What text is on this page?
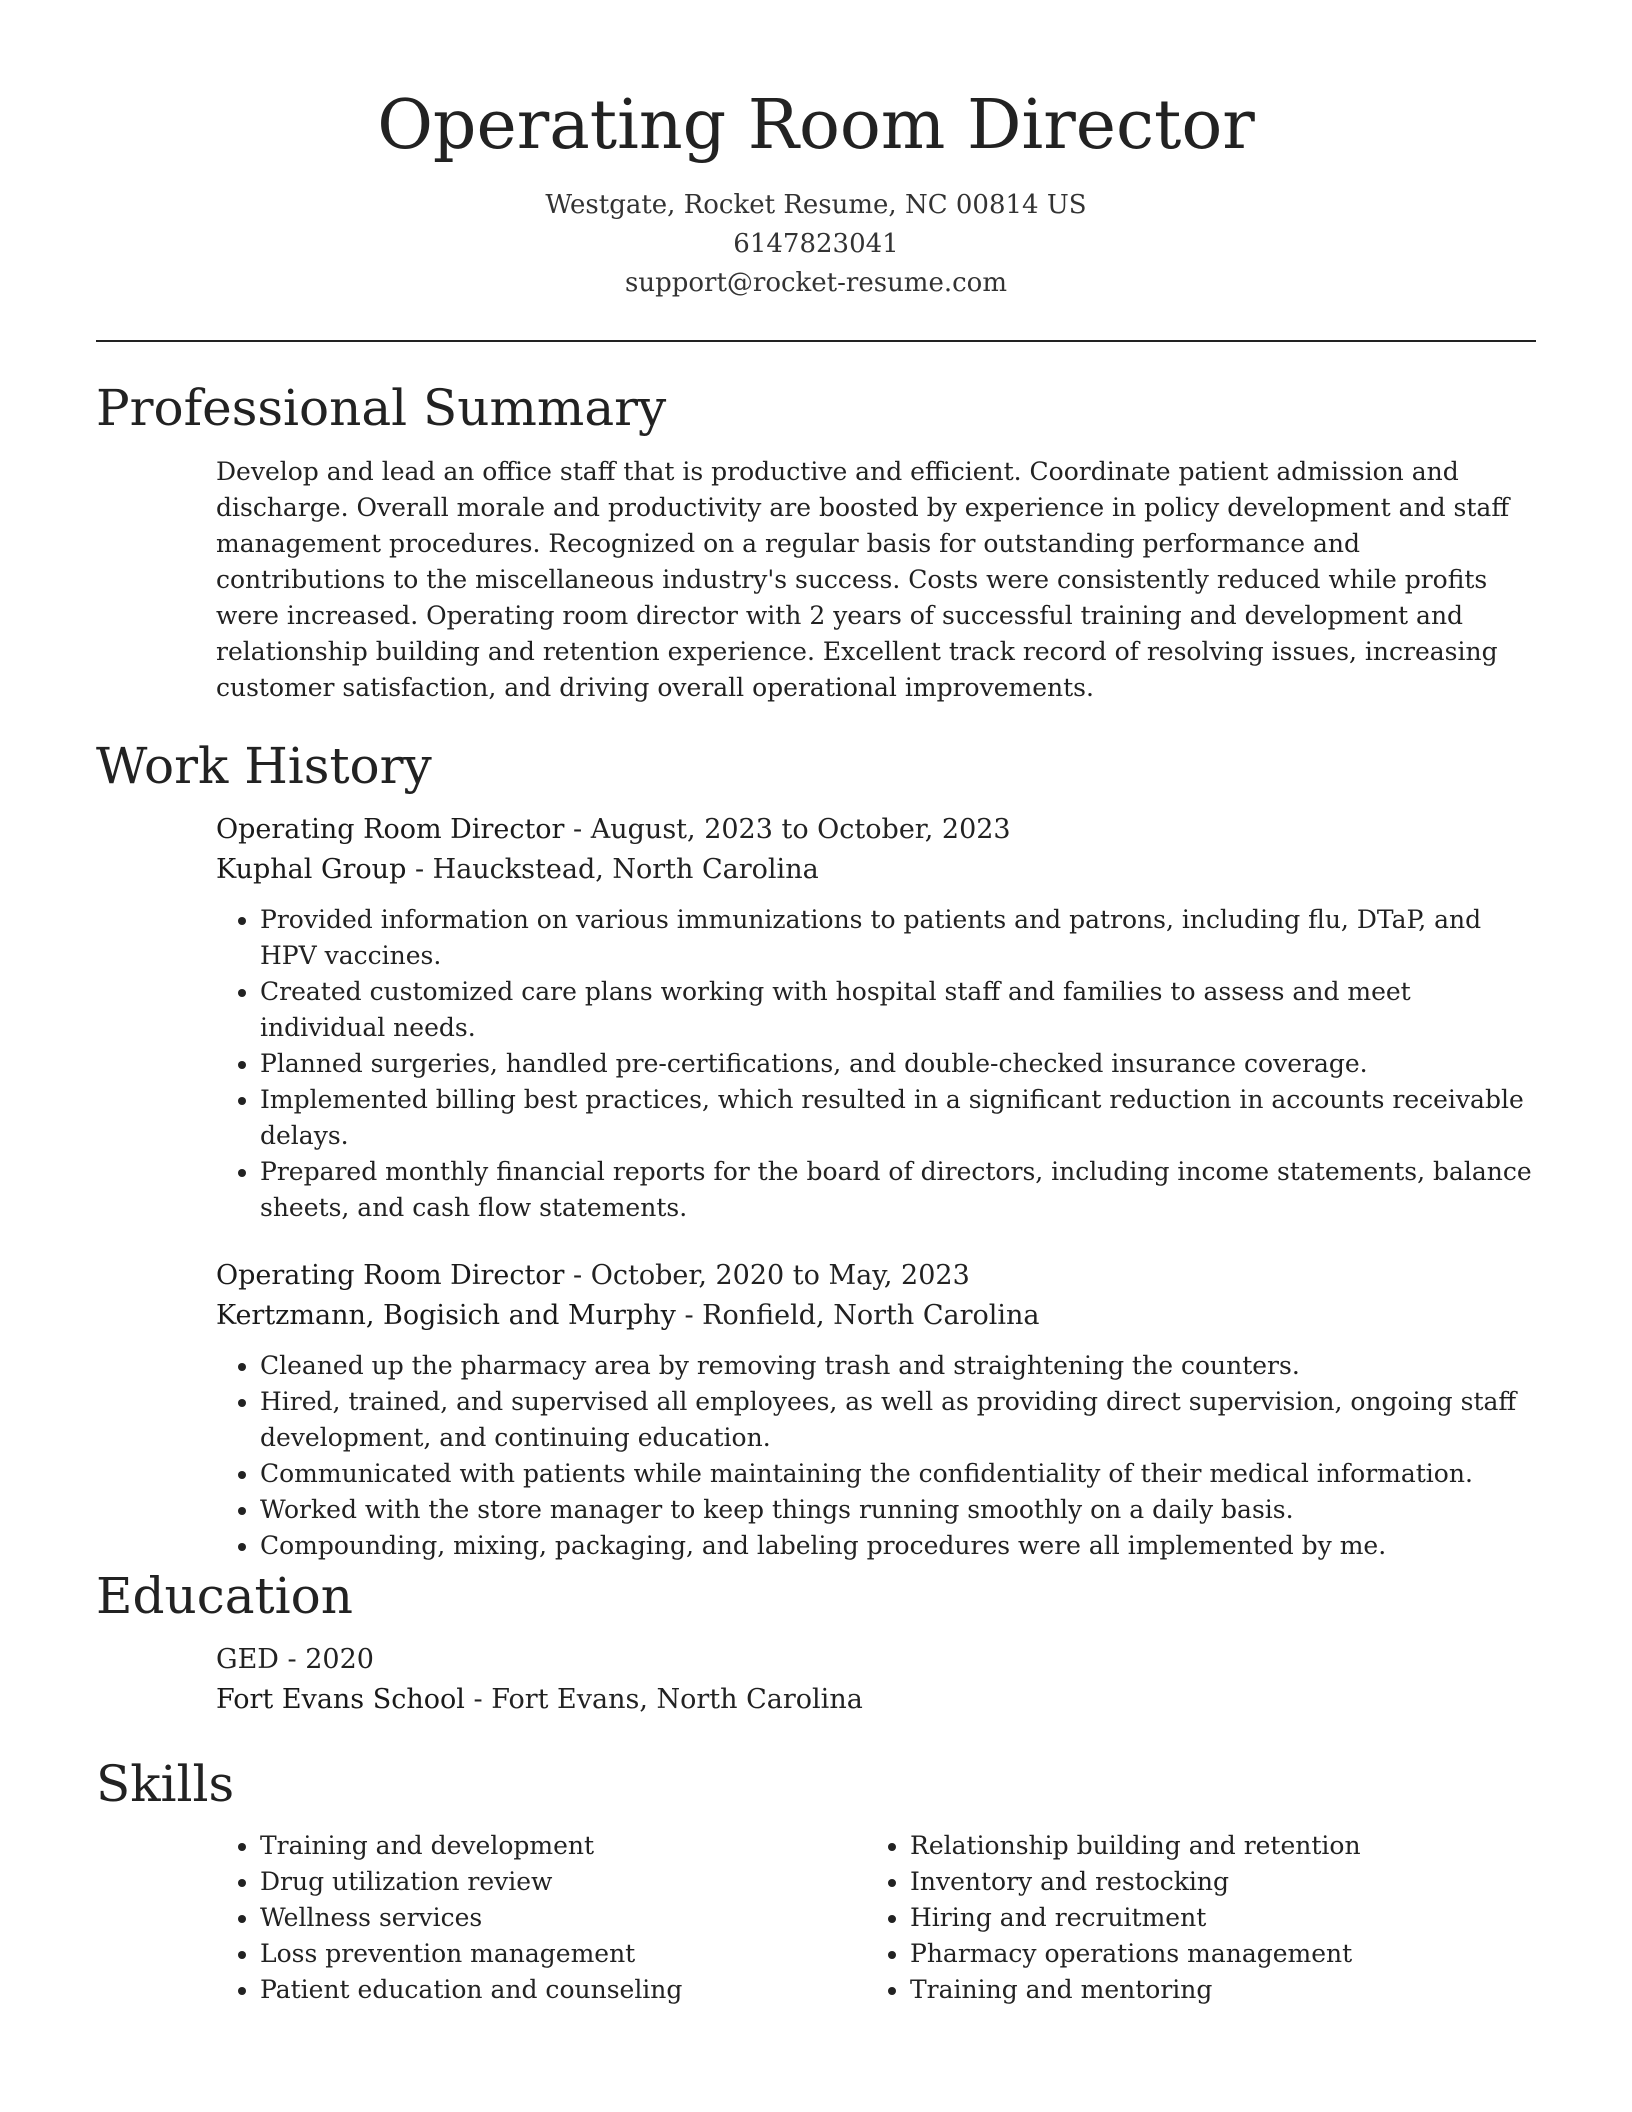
Operating Room Director
Westgate, Rocket Resume, NC 00814 US
6147823041
support@rocket-resume.com
Professional Summary
Develop and lead an office staff that is productive and efficient. Coordinate patient admission and discharge. Overall morale and productivity are boosted by experience in policy development and staff management procedures. Recognized on a regular basis for outstanding performance and contributions to the miscellaneous industry's success. Costs were consistently reduced while profits were increased. Operating room director with 2 years of successful training and development and relationship building and retention experience. Excellent track record of resolving issues, increasing customer satisfaction, and driving overall operational improvements.
Work History
Operating Room Director - August, 2023 to October, 2023
Kuphal Group - Hauckstead, North Carolina
• Provided information on various immunizations to patients and patrons, including flu, DTaP, and HPV vaccines.
• Created customized care plans working with hospital staff and families to assess and meet individual needs.
• Planned surgeries, handled pre-certifications, and double-checked insurance coverage.
• Implemented billing best practices, which resulted in a significant reduction in accounts receivable delays.
• Prepared monthly financial reports for the board of directors, including income statements, balance sheets, and cash flow statements.
Operating Room Director - October, 2020 to May, 2023
Kertzmann, Bogisich and Murphy - Ronfield, North Carolina
• Cleaned up the pharmacy area by removing trash and straightening the counters.
• Hired, trained, and supervised all employees, as well as providing direct supervision, ongoing staff development, and continuing education.
• Communicated with patients while maintaining the confidentiality of their medical information.
• Worked with the store manager to keep things running smoothly on a daily basis.
• Compounding, mixing, packaging, and labeling procedures were all implemented by me.
Education
GED - 2020
Fort Evans School - Fort Evans, North Carolina
Skills
• Training and development
• Drug utilization review
• Wellness services
• Loss prevention management
• Patient education and counseling
• Relationship building and retention
• Inventory and restocking
• Hiring and recruitment
• Pharmacy operations management
• Training and mentoring
